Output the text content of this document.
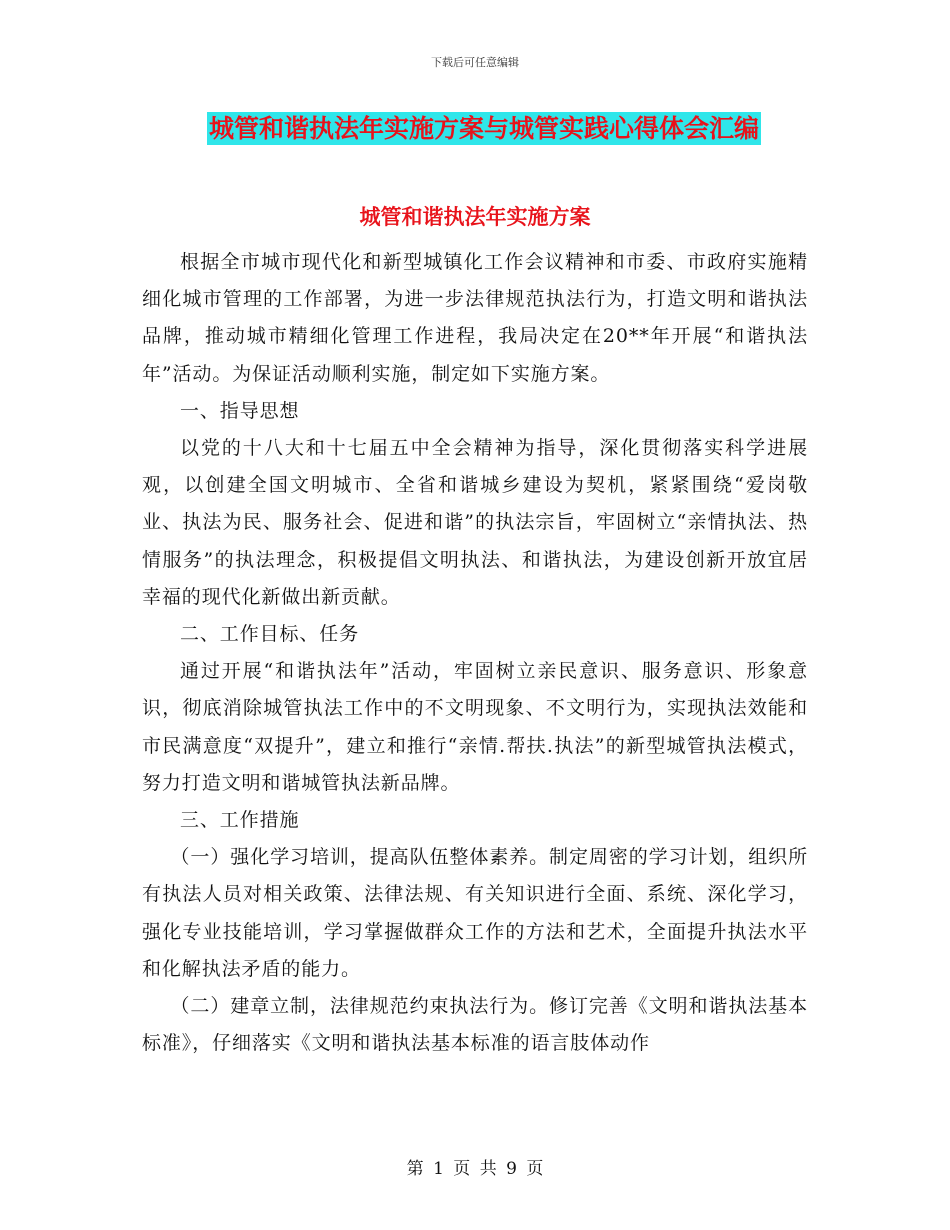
下载后可任意编辑
城管和谐执法年实施方案与城管实践心得体会汇编
城管和谐执法年实施方案

根据全市城市现代化和新型城镇化工作会议精神和市委、市政府实施精细化城市管理的工作部署，为进一步法律规范执法行为，打造文明和谐执法品牌，推动城市精细化管理工作进程，我局决定在20**年开展“和谐执法年”活动。为保证活动顺利实施，制定如下实施方案。

一、指导思想

以党的十八大和十七届五中全会精神为指导，深化贯彻落实科学进展观，以创建全国文明城市、全省和谐城乡建设为契机，紧紧围绕“爱岗敬业、执法为民、服务社会、促进和谐”的执法宗旨，牢固树立“亲情执法、热情服务”的执法理念，积极提倡文明执法、和谐执法，为建设创新开放宜居幸福的现代化新做出新贡献。

二、工作目标、任务

通过开展“和谐执法年”活动，牢固树立亲民意识、服务意识、形象意识，彻底消除城管执法工作中的不文明现象、不文明行为，实现执法效能和市民满意度“双提升”，建立和推行“亲情.帮扶.执法”的新型城管执法模式，努力打造文明和谐城管执法新品牌。

三、工作措施

（一）强化学习培训，提高队伍整体素养。制定周密的学习计划，组织所有执法人员对相关政策、法律法规、有关知识进行全面、系统、深化学习，强化专业技能培训，学习掌握做群众工作的方法和艺术，全面提升执法水平和化解执法矛盾的能力。

（二）建章立制，法律规范约束执法行为。修订完善《文明和谐执法基本标准》，仔细落实《文明和谐执法基本标准的语言肢体动作

第 1 页 共 9 页
